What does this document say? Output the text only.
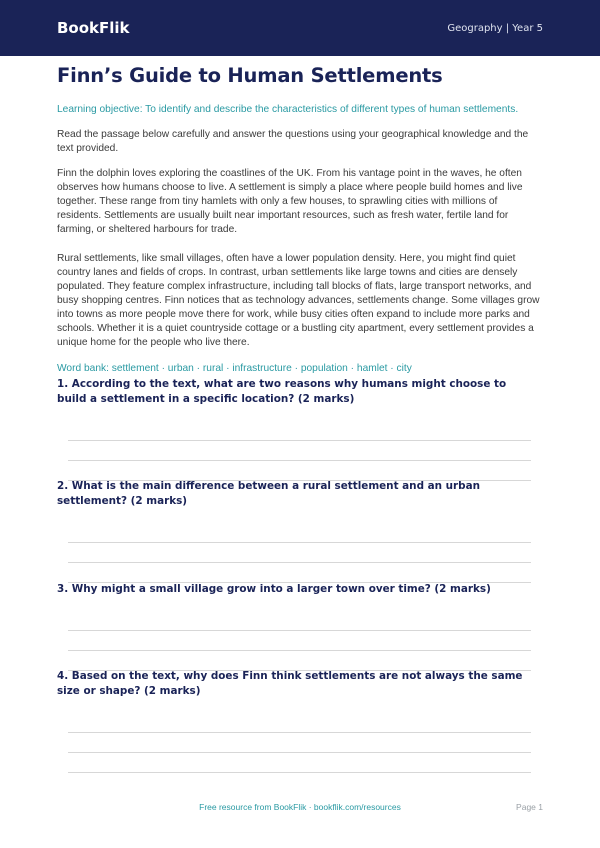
BookFlik	Geography | Year 5
Finn’s Guide to Human Settlements

Learning objective: To identify and describe the characteristics of different types of human settlements.

Read the passage below carefully and answer the questions using your geographical knowledge and the text provided.

Finn the dolphin loves exploring the coastlines of the UK. From his vantage point in the waves, he often observes how humans choose to live. A settlement is simply a place where people build homes and live together. These range from tiny hamlets with only a few houses, to sprawling cities with millions of residents. Settlements are usually built near important resources, such as fresh water, fertile land for farming, or sheltered harbours for trade.

Rural settlements, like small villages, often have a lower population density. Here, you might find quiet country lanes and fields of crops. In contrast, urban settlements like large towns and cities are densely populated. They feature complex infrastructure, including tall blocks of flats, large transport networks, and busy shopping centres. Finn notices that as technology advances, settlements change. Some villages grow into towns as more people move there for work, while busy cities often expand to include more parks and schools. Whether it is a quiet countryside cottage or a bustling city apartment, every settlement provides a unique home for the people who live there.

Word bank: settlement · urban · rural · infrastructure · population · hamlet · city

1. According to the text, what are two reasons why humans might choose to build a settlement in a specific location? (2 marks)

2. What is the main difference between a rural settlement and an urban settlement? (2 marks)

3. Why might a small village grow into a larger town over time? (2 marks)

4. Based on the text, why does Finn think settlements are not always the same size or shape? (2 marks)

Free resource from BookFlik · bookflik.com/resources	Page 1
